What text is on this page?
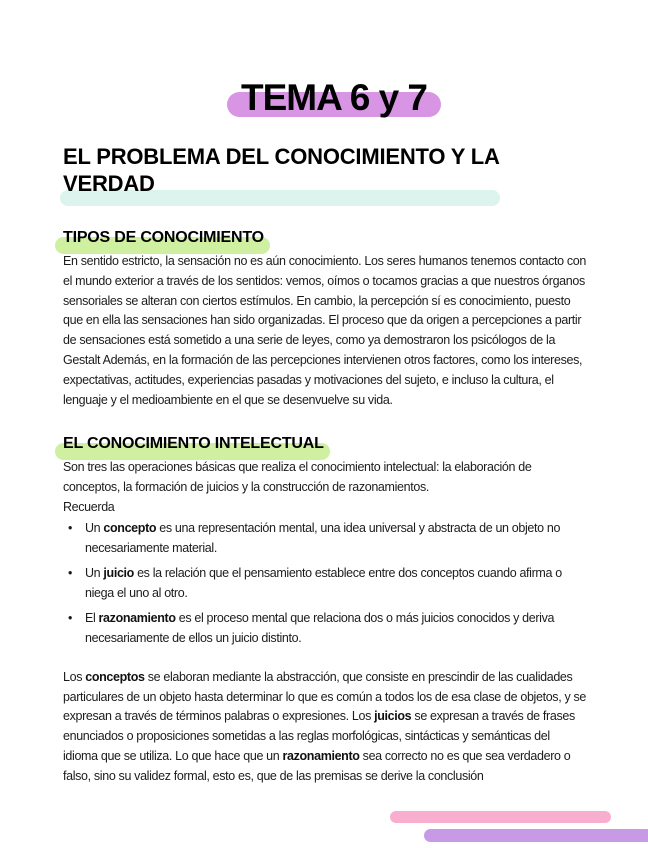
TEMA 6 y 7
EL PROBLEMA DEL CONOCIMIENTO Y LA VERDAD
TIPOS DE CONOCIMIENTO

En sentido estricto, la sensación no es aún conocimiento. Los seres humanos tenemos contacto con el mundo exterior a través de los sentidos: vemos, oímos o tocamos gracias a que nuestros órganos sensoriales se alteran con ciertos estímulos. En cambio, la percepción sí es conocimiento, puesto que en ella las sensaciones han sido organizadas. El proceso que da origen a percepciones a partir de sensaciones está sometido a una serie de leyes, como ya demostraron los psicólogos de la Gestalt Además, en la formación de las percepciones intervienen otros factores, como los intereses, expectativas, actitudes, experiencias pasadas y motivaciones del sujeto, e incluso la cultura, el lenguaje y el medioambiente en el que se desenvuelve su vida.

EL CONOCIMIENTO INTELECTUAL

Son tres las operaciones básicas que realiza el conocimiento intelectual: la elaboración de conceptos, la formación de juicios y la construcción de razonamientos.

Recuerda

•	Un concepto es una representación mental, una idea universal y abstracta de un objeto no necesariamente material.
•	Un juicio es la relación que el pensamiento establece entre dos conceptos cuando afirma o niega el uno al otro.
•	El razonamiento es el proceso mental que relaciona dos o más juicios conocidos y deriva necesariamente de ellos un juicio distinto.

Los conceptos se elaboran mediante la abstracción, que consiste en prescindir de las cualidades particulares de un objeto hasta determinar lo que es común a todos los de esa clase de objetos, y se expresan a través de términos palabras o expresiones. Los juicios se expresan a través de frases enunciados o proposiciones sometidas a las reglas morfológicas, sintácticas y semánticas del idioma que se utiliza. Lo que hace que un razonamiento sea correcto no es que sea verdadero o falso, sino su validez formal, esto es, que de las premisas se derive la conclusión
